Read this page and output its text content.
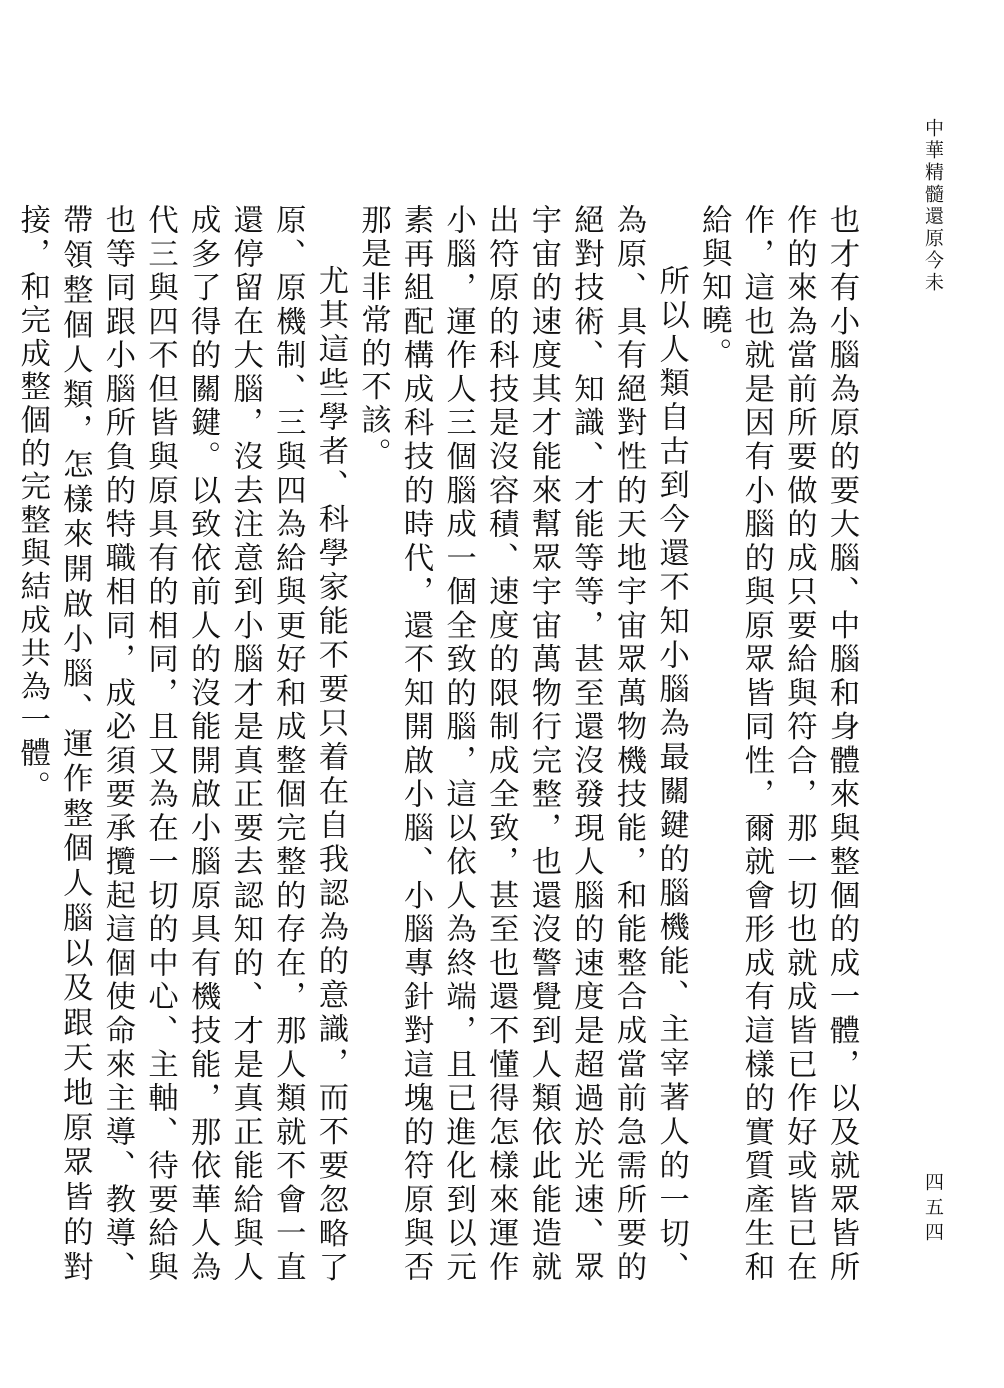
中華精髓還原今未
四五四

也才有小腦為原的要大腦、中腦和身體來與整個的成一體，以及就眾皆所作的來為當前所要做的成只要給與符合，那一切也就成皆已作好或皆已在作，這也就是因有小腦的與原眾皆同性，爾就會形成有這樣的實質產生和給與知曉。

所以人類自古到今還不知小腦為最關鍵的腦機能、主宰著人的一切、為原、具有絕對性的天地宇宙眾萬物機技能，和能整合成當前急需所要的絕對技術、知識、才能等等，甚至還沒發現人腦的速度是超過於光速、眾宇宙的速度其才能來幫眾宇宙萬物行完整，也還沒警覺到人類依此能造就出符原的科技是沒容積、速度的限制成全致，甚至也還不懂得怎樣來運作小腦，運作人三個腦成一個全致的腦，這以依人為終端，且已進化到以元素再組配構成科技的時代，還不知開啟小腦、小腦專針對這塊的符原與否那是非常的不該。

尤其這些學者、科學家能不要只着在自我認為的意識，而不要忽略了原、原機制、三與四為給與更好和成整個完整的存在，那人類就不會一直還停留在大腦，沒去注意到小腦才是真正要去認知的、才是真正能給與人成多了得的關鍵。以致依前人的沒能開啟小腦原具有機技能，那依華人為代三與四不但皆與原具有的相同，且又為在一切的中心、主軸、待要給與也等同跟小腦所負的特職相同，成必須要承攬起這個使命來主導、教導、帶領整個人類，怎樣來開啟小腦、運作整個人腦以及跟天地原眾皆的對接，和完成整個的完整與結成共為一體。
